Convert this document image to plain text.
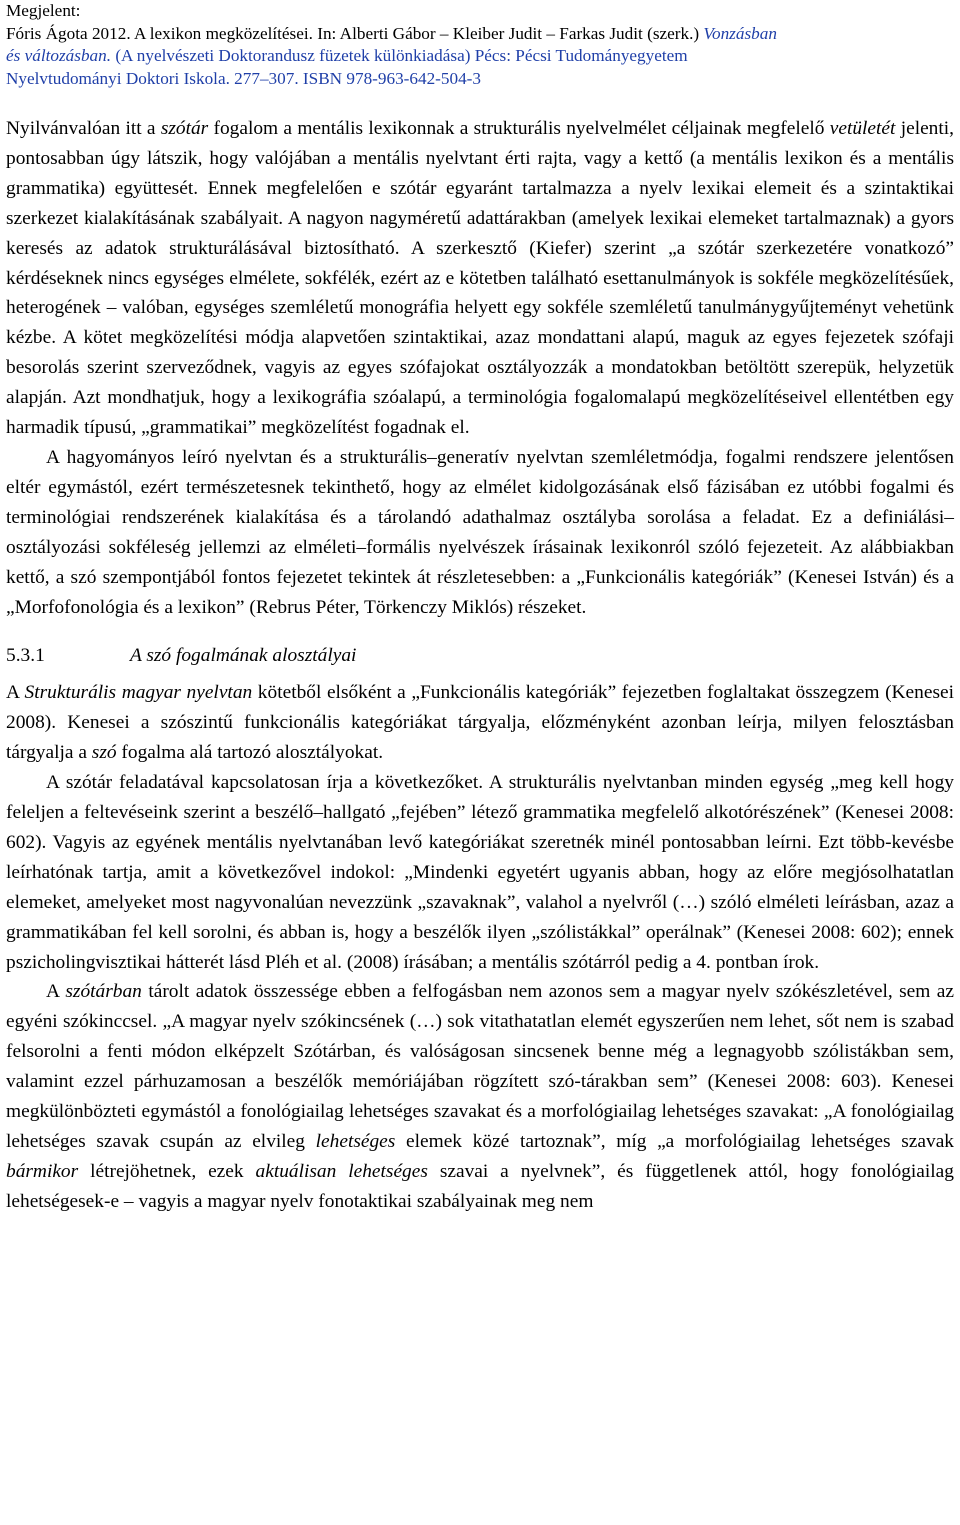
Megjelent:
Fóris Ágota 2012. A lexikon megközelítései. In: Alberti Gábor – Kleiber Judit – Farkas Judit (szerk.) Vonzásban
és változásban. (A nyelvészeti Doktorandusz füzetek különkiadása) Pécs: Pécsi Tudományegyetem
Nyelvtudományi Doktori Iskola. 277–307. ISBN 978-963-642-504-3

Nyilvánvalóan itt a szótár fogalom a mentális lexikonnak a strukturális nyelvelmélet céljainak megfelelő vetületét jelenti, pontosabban úgy látszik, hogy valójában a mentális nyelvtant érti rajta, vagy a kettő (a mentális lexikon és a mentális grammatika) együttesét. Ennek megfelelően e szótár egyaránt tartalmazza a nyelv lexikai elemeit és a szintaktikai szerkezet kialakításának szabályait. A nagyon nagyméretű adattárakban (amelyek lexikai elemeket tartalmaznak) a gyors keresés az adatok strukturálásával biztosítható. A szerkesztő (Kiefer) szerint „a szótár szerkezetére vonatkozó” kérdéseknek nincs egységes elmélete, sokfélék, ezért az e kötetben található esettanulmányok is sokféle megközelítésűek, heterogének – valóban, egységes szemléletű monográfia helyett egy sokféle szemléletű tanulmánygyűjteményt vehetünk kézbe. A kötet megközelítési módja alapvetően szintaktikai, azaz mondattani alapú, maguk az egyes fejezetek szófaji besorolás szerint szerveződnek, vagyis az egyes szófajokat osztályozzák a mondatokban betöltött szerepük, helyzetük alapján. Azt mondhatjuk, hogy a lexikográfia szóalapú, a terminológia fogalomalapú megközelítéseivel ellentétben egy harmadik típusú, „grammatikai” megközelítést fogadnak el.

A hagyományos leíró nyelvtan és a strukturális–generatív nyelvtan szemléletmódja, fogalmi rendszere jelentősen eltér egymástól, ezért természetesnek tekinthető, hogy az elmélet kidolgozásának első fázisában ez utóbbi fogalmi és terminológiai rendszerének kialakítása és a tárolandó adathalmaz osztályba sorolása a feladat. Ez a definiálási–osztályozási sokféleség jellemzi az elméleti–formális nyelvészek írásainak lexikonról szóló fejezeteit. Az alábbiakban kettő, a szó szempontjából fontos fejezetet tekintek át részletesebben: a „Funkcionális kategóriák” (Kenesei István) és a „Morfofonológia és a lexikon” (Rebrus Péter, Törkenczy Miklós) részeket.

5.3.1	A szó fogalmának alosztályai

A Strukturális magyar nyelvtan kötetből elsőként a „Funkcionális kategóriák” fejezetben foglaltakat összegzem (Kenesei 2008). Kenesei a szószintű funkcionális kategóriákat tárgyalja, előzményként azonban leírja, milyen felosztásban tárgyalja a szó fogalma alá tartozó alosztályokat.

A szótár feladatával kapcsolatosan írja a következőket. A strukturális nyelvtanban minden egység „meg kell hogy feleljen a feltevéseink szerint a beszélő–hallgató „fejében” létező grammatika megfelelő alkotórészének” (Kenesei 2008: 602). Vagyis az egyének mentális nyelvtanában levő kategóriákat szeretnék minél pontosabban leírni. Ezt több-kevésbe leírhatónak tartja, amit a következővel indokol: „Mindenki egyetért ugyanis abban, hogy az előre megjósolhatatlan elemeket, amelyeket most nagyvonalúan nevezzünk „szavaknak”, valahol a nyelvről (…) szóló elméleti leírásban, azaz a grammatikában fel kell sorolni, és abban is, hogy a beszélők ilyen „szólistákkal” operálnak” (Kenesei 2008: 602); ennek pszicholingvisztikai hátterét lásd Pléh et al. (2008) írásában; a mentális szótárról pedig a 4. pontban írok.

A szótárban tárolt adatok összessége ebben a felfogásban nem azonos sem a magyar nyelv szókészletével, sem az egyéni szókinccsel. „A magyar nyelv szókincsének (…) sok vitathatatlan elemét egyszerűen nem lehet, sőt nem is szabad felsorolni a fenti módon elképzelt Szótárban, és valóságosan sincsenek benne még a legnagyobb szólistákban sem, valamint ezzel párhuzamosan a beszélők memóriájában rögzített szó-tárakban sem” (Kenesei 2008: 603). Kenesei megkülönbözteti egymástól a fonológiailag lehetséges szavakat és a morfológiailag lehetséges szavakat: „A fonológiailag lehetséges szavak csupán az elvileg lehetséges elemek közé tartoznak”, míg „a morfológiailag lehetséges szavak bármikor létrejöhetnek, ezek aktuálisan lehetséges szavai a nyelvnek”, és függetlenek attól, hogy fonológiailag lehetségesek-e – vagyis a magyar nyelv fonotaktikai szabályainak meg nem
